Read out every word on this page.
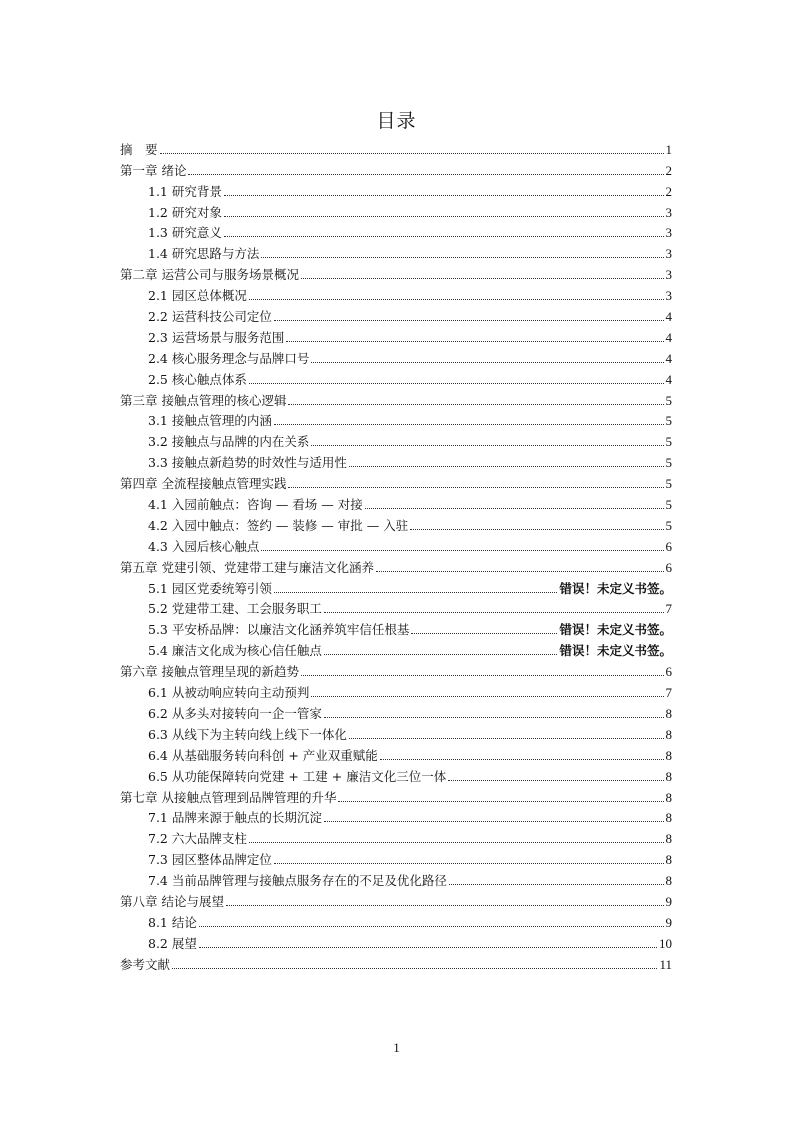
目录
摘　要	1
第一章 绪论	2
1.1 研究背景	2
1.2 研究对象	3
1.3 研究意义	3
1.4 研究思路与方法	3
第二章 运营公司与服务场景概况	3
2.1 园区总体概况	3
2.2 运营科技公司定位	4
2.3 运营场景与服务范围	4
2.4 核心服务理念与品牌口号	4
2.5 核心触点体系	4
第三章 接触点管理的核心逻辑	5
3.1 接触点管理的内涵	5
3.2 接触点与品牌的内在关系	5
3.3 接触点新趋势的时效性与适用性	5
第四章 全流程接触点管理实践	5
4.1 入园前触点：咨询 — 看场 — 对接	5
4.2 入园中触点：签约 — 装修 — 审批 — 入驻	5
4.3 入园后核心触点	6
第五章 党建引领、党建带工建与廉洁文化涵养	6
5.1 园区党委统筹引领	错误！未定义书签。
5.2 党建带工建、工会服务职工	7
5.3 平安桥品牌：以廉洁文化涵养筑牢信任根基	错误！未定义书签。
5.4 廉洁文化成为核心信任触点	错误！未定义书签。
第六章 接触点管理呈现的新趋势	6
6.1 从被动响应转向主动预判	7
6.2 从多头对接转向一企一管家	8
6.3 从线下为主转向线上线下一体化	8
6.4 从基础服务转向科创 + 产业双重赋能	8
6.5 从功能保障转向党建 + 工建 + 廉洁文化三位一体	8
第七章 从接触点管理到品牌管理的升华	8
7.1 品牌来源于触点的长期沉淀	8
7.2 六大品牌支柱	8
7.3 园区整体品牌定位	8
7.4 当前品牌管理与接触点服务存在的不足及优化路径	8
第八章 结论与展望	9
8.1 结论	9
8.2 展望	10
参考文献	11
1
